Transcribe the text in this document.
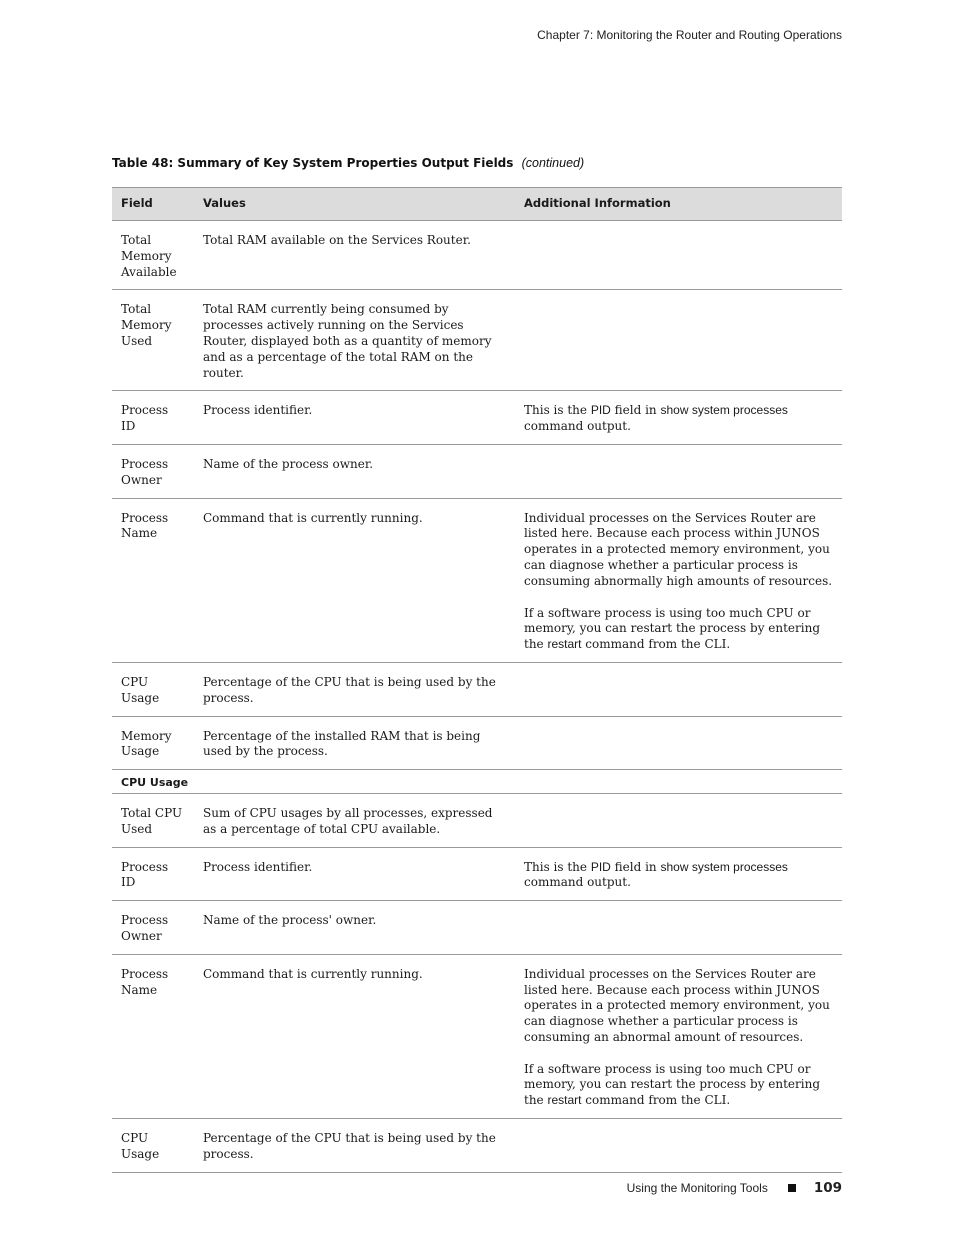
Chapter 7: Monitoring the Router and Routing Operations
Table 48: Summary of Key System Properties Output Fields (continued)
Field	Values	Additional Information
Total Memory Available	Total RAM available on the Services Router.	
Total Memory Used	Total RAM currently being consumed by processes actively running on the Services Router, displayed both as a quantity of memory and as a percentage of the total RAM on the router.	
Process ID	Process identifier.	This is the PID field in show system processes command output.
Process Owner	Name of the process owner.	
Process Name	Command that is currently running.	Individual processes on the Services Router are listed here. Because each process within JUNOS operates in a protected memory environment, you can diagnose whether a particular process is consuming abnormally high amounts of resources.

If a software process is using too much CPU or memory, you can restart the process by entering the restart command from the CLI.

CPU Usage	Percentage of the CPU that is being used by the process.	
Memory Usage	Percentage of the installed RAM that is being used by the process.	
CPU Usage		
Total CPU Used	Sum of CPU usages by all processes, expressed as a percentage of total CPU available.	
Process ID	Process identifier.	This is the PID field in show system processes command output.
Process Owner	Name of the process' owner.	
Process Name	Command that is currently running.	Individual processes on the Services Router are listed here. Because each process within JUNOS operates in a protected memory environment, you can diagnose whether a particular process is consuming an abnormal amount of resources.

If a software process is using too much CPU or memory, you can restart the process by entering the restart command from the CLI.

CPU Usage	Percentage of the CPU that is being used by the process.	
Using the Monitoring Tools	109
